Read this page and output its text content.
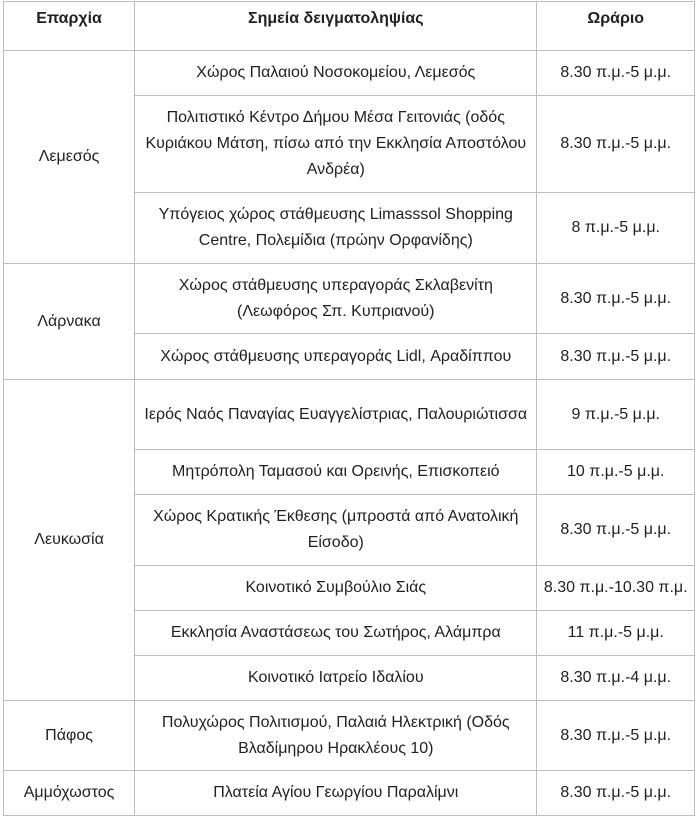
Επαρχία	Σημεία δειγματοληψίας	Ωράριο
Λεμεσός	Χώρος Παλαιού Νοσοκομείου, Λεμεσός	8.30 π.μ.-5 μ.μ.
	Πολιτιστικό Κέντρο Δήμου Μέσα Γειτονιάς (οδός Κυριάκου Μάτση, πίσω από την Εκκλησία Αποστόλου Ανδρέα)	8.30 π.μ.-5 μ.μ.
	Υπόγειος χώρος στάθμευσης Limasssol Shopping Centre, Πολεμίδια (πρώην Ορφανίδης)	8 π.μ.-5 μ.μ.
Λάρνακα	Χώρος στάθμευσης υπεραγοράς Σκλαβενίτη (Λεωφόρος Σπ. Κυπριανού)	8.30 π.μ.-5 μ.μ.
	Χώρος στάθμευσης υπεραγοράς Lidl, Αραδίππου	8.30 π.μ.-5 μ.μ.
Λευκωσία	Ιερός Ναός Παναγίας Ευαγγελίστριας, Παλουριώτισσα	9 π.μ.-5 μ.μ.
	Μητρόπολη Ταμασού και Ορεινής, Επισκοπειό	10 π.μ.-5 μ.μ.
	Χώρος Κρατικής Έκθεσης (μπροστά από Ανατολική Είσοδο)	8.30 π.μ.-5 μ.μ.
	Κοινοτικό Συμβούλιο Σιάς	8.30 π.μ.-10.30 π.μ.
	Εκκλησία Αναστάσεως του Σωτήρος, Αλάμπρα	11 π.μ.-5 μ.μ.
	Κοινοτικό Ιατρείο Ιδαλίου	8.30 π.μ.-4 μ.μ.
Πάφος	Πολυχώρος Πολιτισμού, Παλαιά Ηλεκτρική (Οδός Βλαδίμηρου Ηρακλέους 10)	8.30 π.μ.-5 μ.μ.
Αμμόχωστος	Πλατεία Αγίου Γεωργίου Παραλίμνι	8.30 π.μ.-5 μ.μ.
